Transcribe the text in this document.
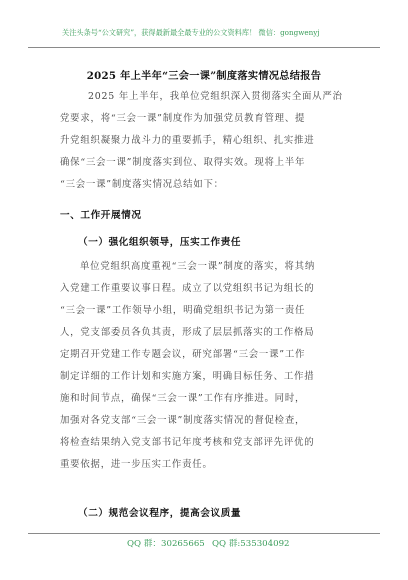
关注头条号“公文研究”，获得最新最全最专业的公文资料库！ 微信：gongwenyj
2025 年上半年“三会一课”制度落实情况总结报告
2025 年上半年，我单位党组织深入贯彻落实全面从严治
党要求，将“三会一课”制度作为加强党员教育管理、提
升党组织凝聚力战斗力的重要抓手，精心组织、扎实推进
确保“三会一课”制度落实到位、取得实效。现将上半年
“三会一课”制度落实情况总结如下：
一、工作开展情况
（一）强化组织领导，压实工作责任
单位党组织高度重视“三会一课”制度的落实，将其纳
入党建工作重要议事日程。成立了以党组织书记为组长的
“三会一课”工作领导小组，明确党组织书记为第一责任
人，党支部委员各负其责，形成了层层抓落实的工作格局
定期召开党建工作专题会议，研究部署“三会一课”工作
制定详细的工作计划和实施方案，明确目标任务、工作措
施和时间节点，确保“三会一课”工作有序推进。同时，
加强对各党支部“三会一课”制度落实情况的督促检查，
将检查结果纳入党支部书记年度考核和党支部评先评优的
重要依据，进一步压实工作责任。
（二）规范会议程序，提高会议质量
QQ 群：30265665 QQ 群:535304092
